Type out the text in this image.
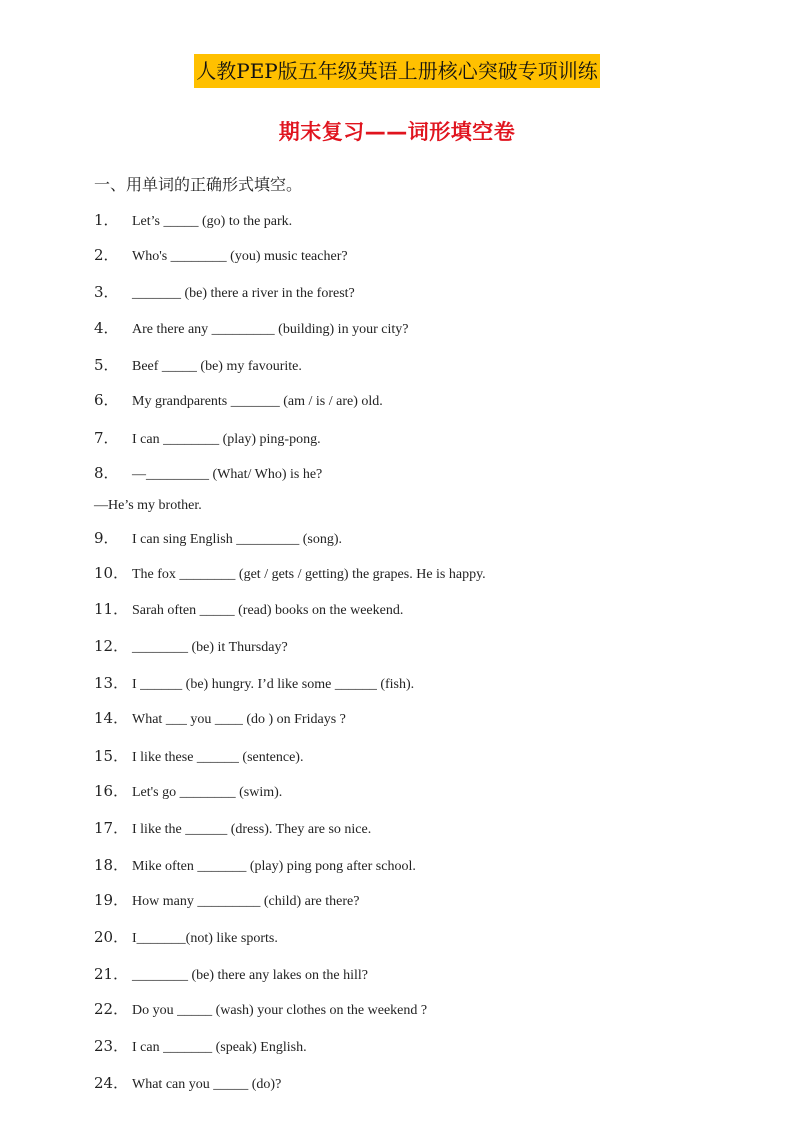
人教PEP版五年级英语上册核心突破专项训练
期末复习——词形填空卷
一、用单词的正确形式填空。
1． Let’s _____ (go) to the park.
2． Who's ________ (you) music teacher?
3． _______ (be) there a river in the forest?
4． Are there any _________ (building) in your city?
5． Beef _____ (be) my favourite.
6． My grandparents _______ (am / is / are) old.
7． I can ________ (play) ping-pong.
8． —_________ (What/ Who) is he?
9． I can sing English _________ (song).
10． The fox ________ (get / gets / getting) the grapes. He is happy.
11． Sarah often _____ (read) books on the weekend.
12． ________ (be) it Thursday?
13． I ______ (be) hungry. I’d like some ______ (fish).
14． What ___ you ____ (do ) on Fridays ?
15． I like these ______ (sentence).
16． Let's go ________ (swim).
17． I like the ______ (dress). They are so nice.
18． Mike often _______ (play) ping pong after school.
19． How many _________ (child) are there?
20． I_______(not) like sports.
21． ________ (be) there any lakes on the hill?
22． Do you _____ (wash) your clothes on the weekend ?
23． I can _______ (speak) English.
24． What can you _____ (do)?
—He’s my brother.
